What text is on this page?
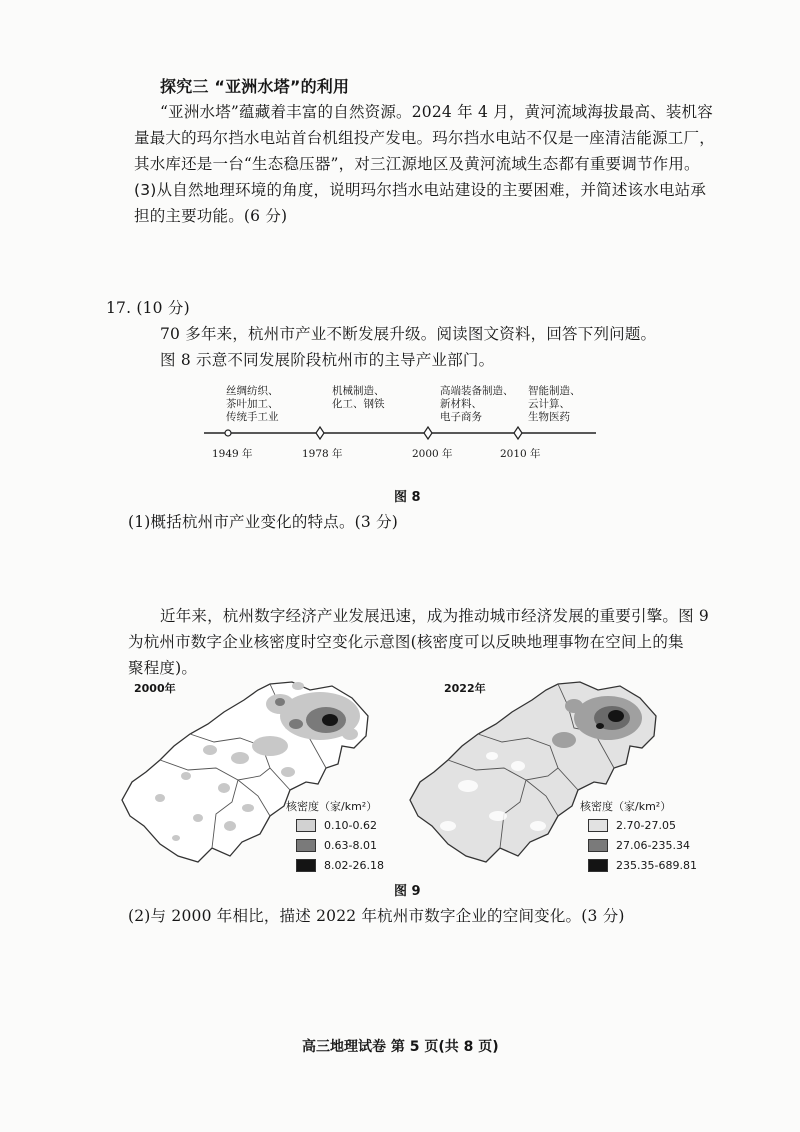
探究三 “亚洲水塔”的利用
“亚洲水塔”蕴藏着丰富的自然资源。2024 年 4 月，黄河流域海拔最高、装机容
量最大的玛尔挡水电站首台机组投产发电。玛尔挡水电站不仅是一座清洁能源工厂，
其水库还是一台“生态稳压器”，对三江源地区及黄河流域生态都有重要调节作用。
(3)从自然地理环境的角度，说明玛尔挡水电站建设的主要困难，并简述该水电站承
担的主要功能。(6 分)
17. (10 分)
70 多年来，杭州市产业不断发展升级。阅读图文资料，回答下列问题。
图 8 示意不同发展阶段杭州市的主导产业部门。
丝绸纺织、
茶叶加工、
传统手工业
机械制造、
化工、钢铁
高端装备制造、
新材料、
电子商务
智能制造、
云计算、
生物医药
1949 年	1978 年	2000 年	2010 年
图 8
(1)概括杭州市产业变化的特点。(3 分)
近年来，杭州数字经济产业发展迅速，成为推动城市经济发展的重要引擎。图 9
为杭州市数字企业核密度时空变化示意图(核密度可以反映地理事物在空间上的集
聚程度)。
2000年
核密度（家/km²）
0.10-0.62
0.63-8.01
8.02-26.18
2022年
核密度（家/km²）
2.70-27.05
27.06-235.34
235.35-689.81
图 9
(2)与 2000 年相比，描述 2022 年杭州市数字企业的空间变化。(3 分)
高三地理试卷 第 5 页(共 8 页)
